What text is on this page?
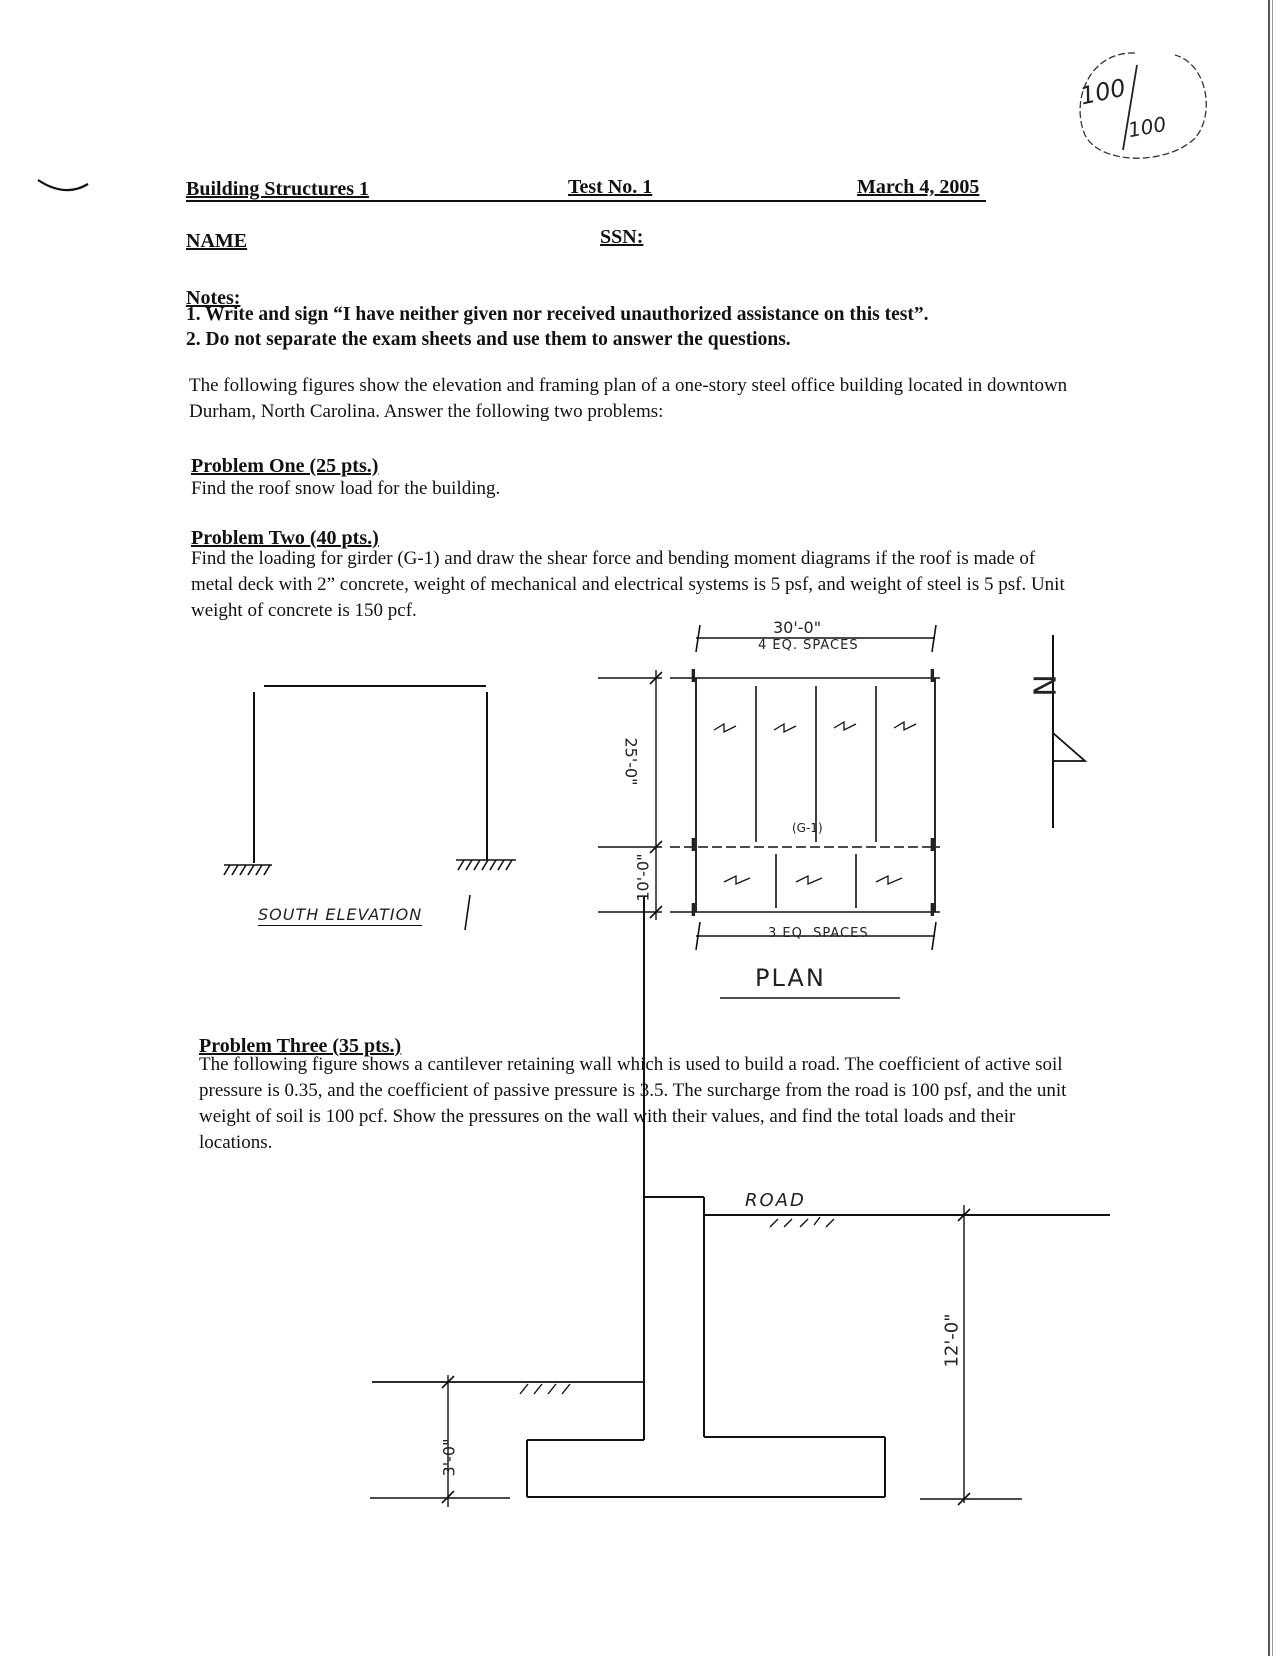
100
100
Building Structures 1	Test No. 1	March 4, 2005
NAME	SSN:
Notes:
1. Write and sign “I have neither given nor received unauthorized assistance on this test”.
2. Do not separate the exam sheets and use them to answer the questions.
The following figures show the elevation and framing plan of a one-story steel office building located in downtown Durham, North Carolina. Answer the following two problems:
Problem One (25 pts.)
Find the roof snow load for the building.
Problem Two (40 pts.)
Find the loading for girder (G-1) and draw the shear force and bending moment diagrams if the roof is made of metal deck with 2” concrete, weight of mechanical and electrical systems is 5 psf, and weight of steel is 5 psf. Unit weight of concrete is 150 pcf.
SOUTH ELEVATION
I	I
I	I
I	I
30'-0"
4 EQ. SPACES
3 EQ. SPACES
25'-0"
10'-0"
(G-1)
PLAN
N
Problem Three (35 pts.)
The following figure shows a cantilever retaining wall which is used to build a road. The coefficient of active soil pressure is 0.35, and the coefficient of passive pressure is 3.5. The surcharge from the road is 100 psf, and the unit weight of soil is 100 pcf. Show the pressures on the wall with their values, and find the total loads and their locations.
ROAD
12'-0"
3'-0"
